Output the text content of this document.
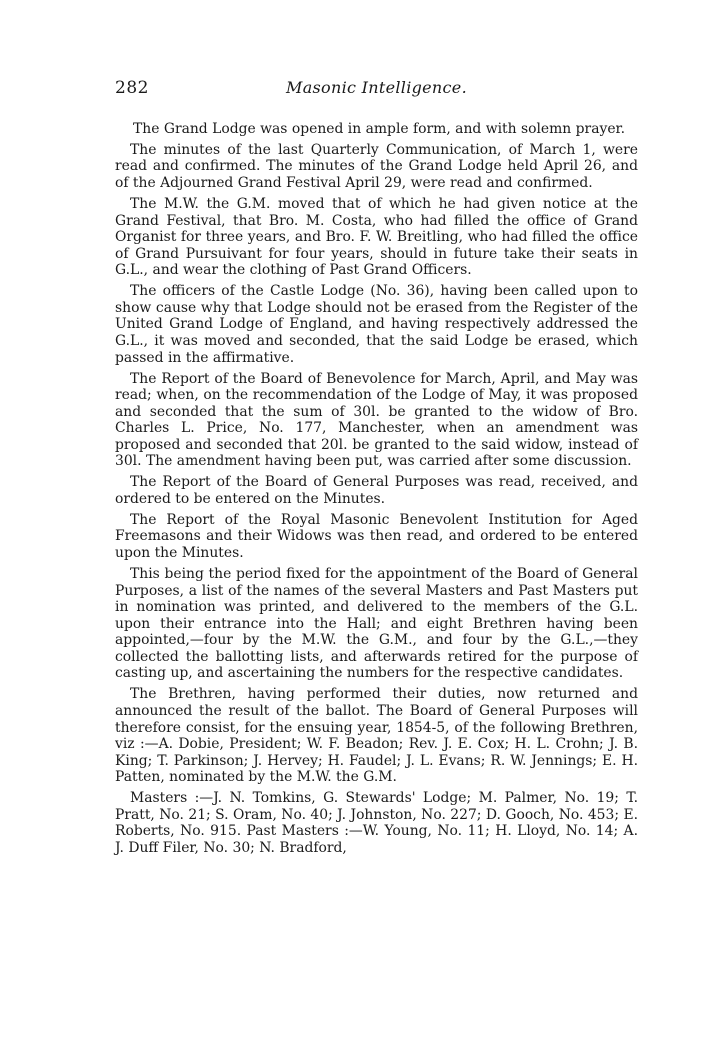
282	Masonic Intelligence.

The Grand Lodge was opened in ample form, and with solemn prayer.

The minutes of the last Quarterly Communication, of March 1, were read and confirmed. The minutes of the Grand Lodge held April 26, and of the Adjourned Grand Festival April 29, were read and confirmed.

The M.W. the G.M. moved that of which he had given notice at the Grand Festival, that Bro. M. Costa, who had filled the office of Grand Organist for three years, and Bro. F. W. Breitling, who had filled the office of Grand Pursuivant for four years, should in future take their seats in G.L., and wear the clothing of Past Grand Officers.

The officers of the Castle Lodge (No. 36), having been called upon to show cause why that Lodge should not be erased from the Register of the United Grand Lodge of England, and having respectively addressed the G.L., it was moved and seconded, that the said Lodge be erased, which passed in the affirmative.

The Report of the Board of Benevolence for March, April, and May was read; when, on the recommendation of the Lodge of May, it was proposed and seconded that the sum of 30l. be granted to the widow of Bro. Charles L. Price, No. 177, Manchester, when an amendment was proposed and seconded that 20l. be granted to the said widow, instead of 30l. The amendment having been put, was carried after some discussion.

The Report of the Board of General Purposes was read, received, and ordered to be entered on the Minutes.

The Report of the Royal Masonic Benevolent Institution for Aged Freemasons and their Widows was then read, and ordered to be entered upon the Minutes.

This being the period fixed for the appointment of the Board of General Purposes, a list of the names of the several Masters and Past Masters put in nomination was printed, and delivered to the members of the G.L. upon their entrance into the Hall; and eight Brethren having been appointed,—four by the M.W. the G.M., and four by the G.L.,—they collected the ballotting lists, and afterwards retired for the purpose of casting up, and ascertaining the numbers for the respective candidates.

The Brethren, having performed their duties, now returned and announced the result of the ballot. The Board of General Purposes will therefore consist, for the ensuing year, 1854-5, of the following Brethren, viz :—A. Dobie, President; W. F. Beadon; Rev. J. E. Cox; H. L. Crohn; J. B. King; T. Parkinson; J. Hervey; H. Faudel; J. L. Evans; R. W. Jennings; E. H. Patten, nominated by the M.W. the G.M.

Masters :—J. N. Tomkins, G. Stewards' Lodge; M. Palmer, No. 19; T. Pratt, No. 21; S. Oram, No. 40; J. Johnston, No. 227; D. Gooch, No. 453; E. Roberts, No. 915. Past Masters :—W. Young, No. 11; H. Lloyd, No. 14; A. J. Duff Filer, No. 30; N. Bradford,
